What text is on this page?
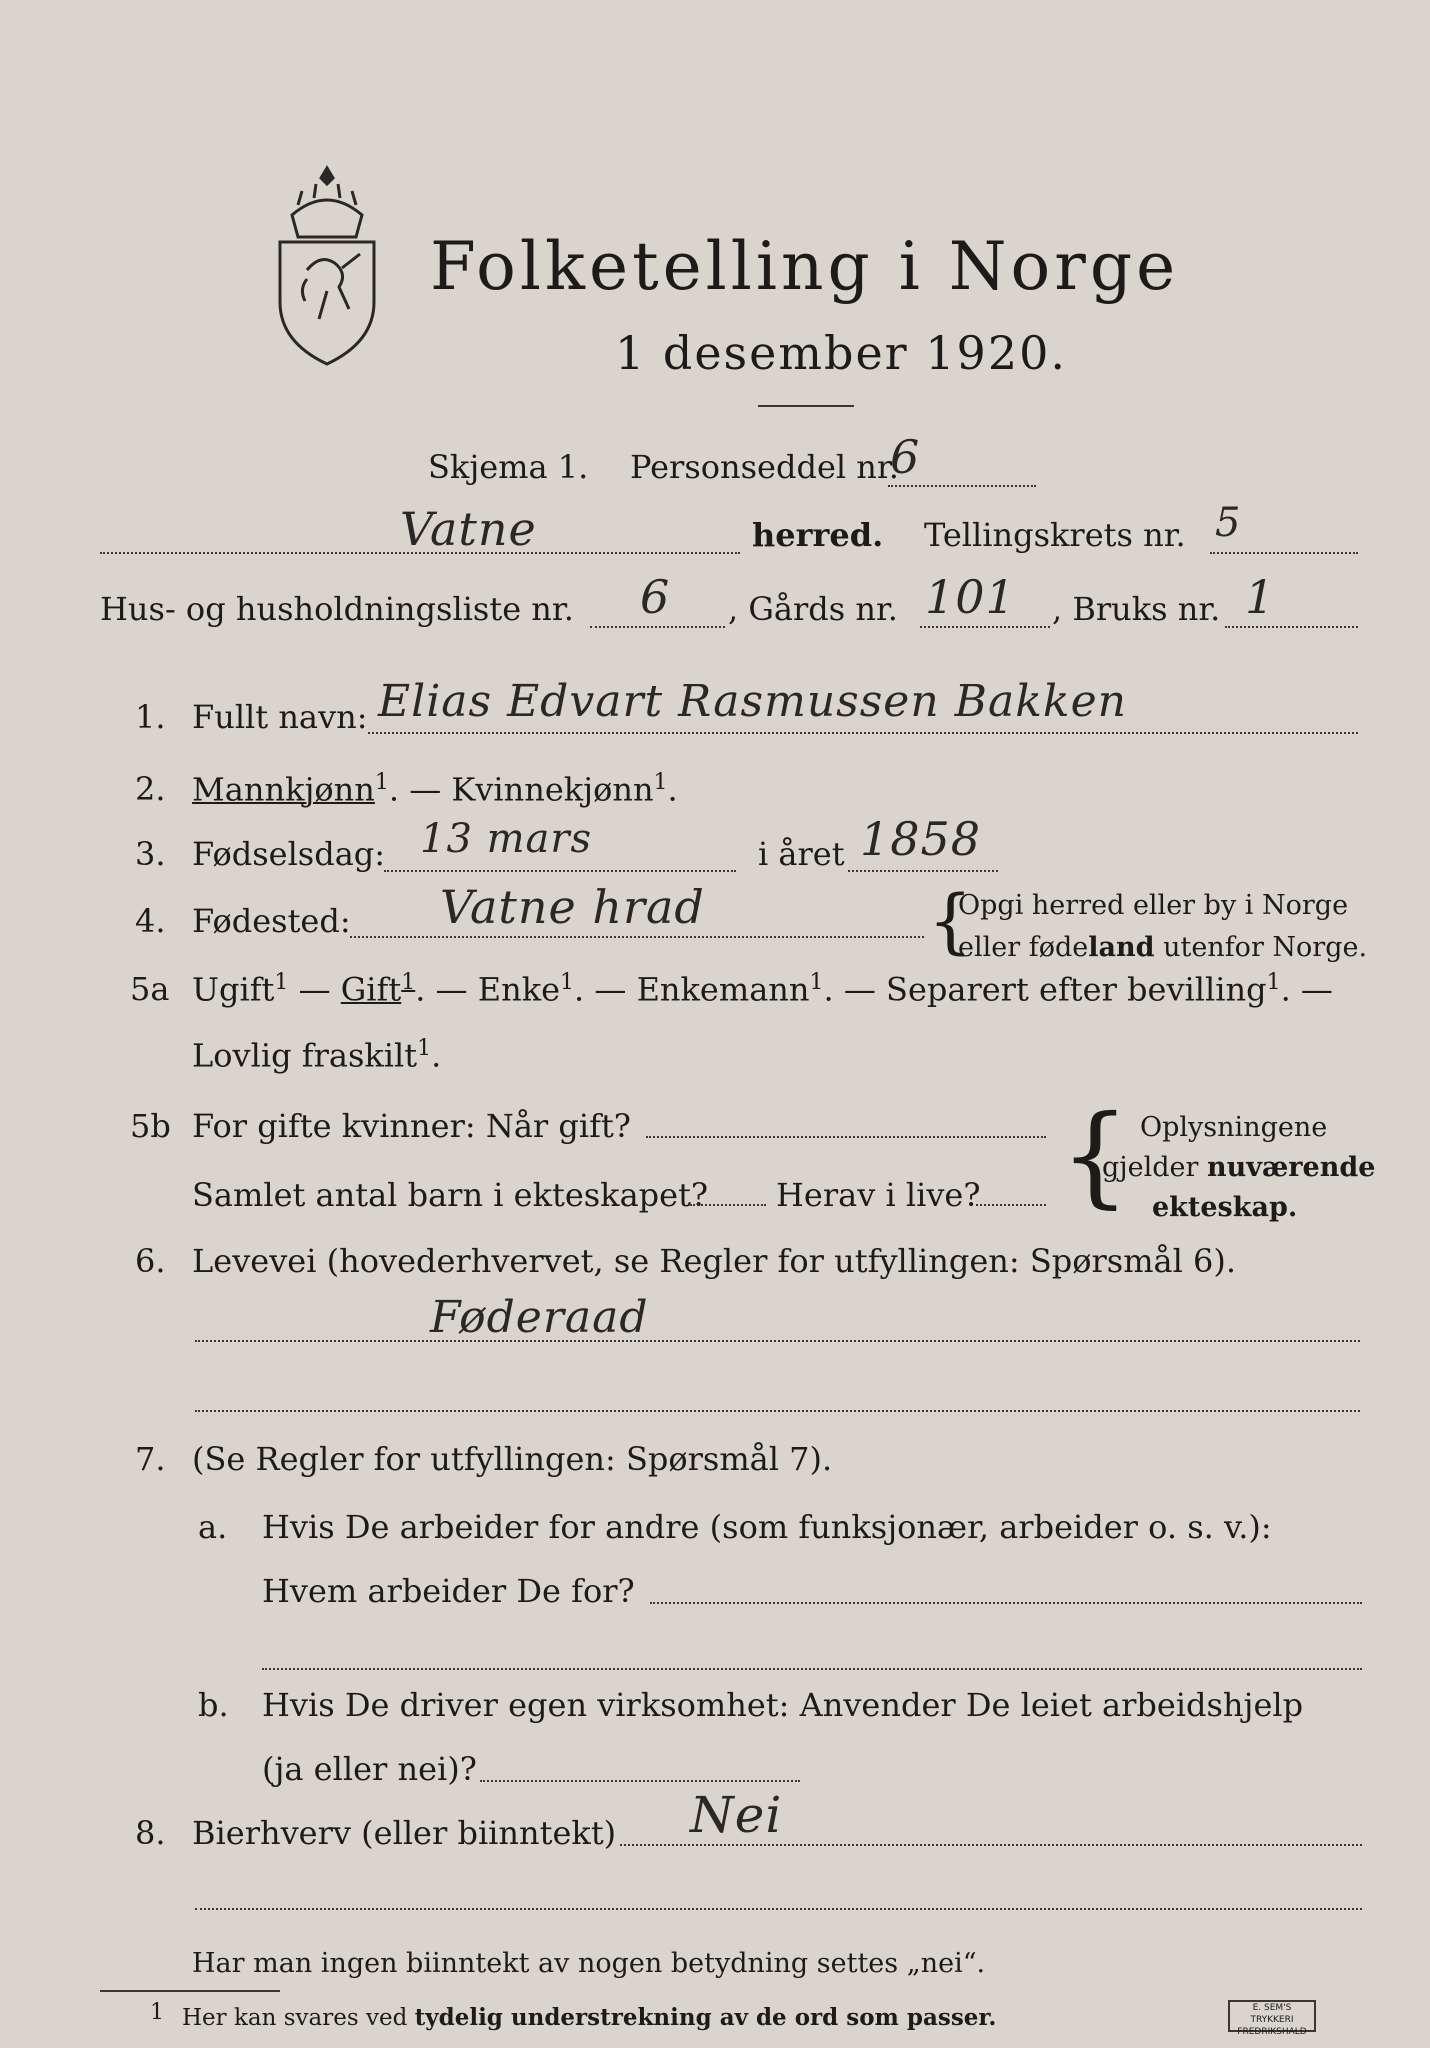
Folketelling i Norge
1 desember 1920.
Skjema 1. Personseddel nr.
6
Vatne	herred. Tellingskrets nr. 5
Hus- og husholdningsliste nr. 6 , Gårds nr. 101 , Bruks nr. 1
1. Fullt navn: Elias Edvart Rasmussen Bakken
2. Mannkjønn$^1$. — Kvinnekjønn$^1$.
3. Fødselsdag: 13 mars	i året 1858
4. Fødested: Vatne hrad	{
Opgi herred eller by i Norge
eller fødeland utenfor Norge.
5a Ugift$^1$ — Gift$^1$. — Enke$^1$. — Enkemann$^1$. — Separert efter bevilling$^1$. —
Lovlig fraskilt$^1$.
5b For gifte kvinner: Når gift?
Samlet antal barn i ekteskapet? Herav i live? { Oplysningene
gjelder nuværende
ekteskap.
6. Levevei (hovederhvervet, se Regler for utfyllingen: Spørsmål 6).
Føderaad
7. (Se Regler for utfyllingen: Spørsmål 7).
a. Hvis De arbeider for andre (som funksjonær, arbeider o. s. v.):
Hvem arbeider De for?
b. Hvis De driver egen virksomhet: Anvender De leiet arbeidshjelp
(ja eller nei)?
8. Bierhverv (eller biinntekt) Nei
Har man ingen biinntekt av nogen betydning settes „nei“.
1 Her kan svares ved tydelig understrekning av de ord som passer.	E. SEM'S TRYKKERI FREDRIKSHALD
